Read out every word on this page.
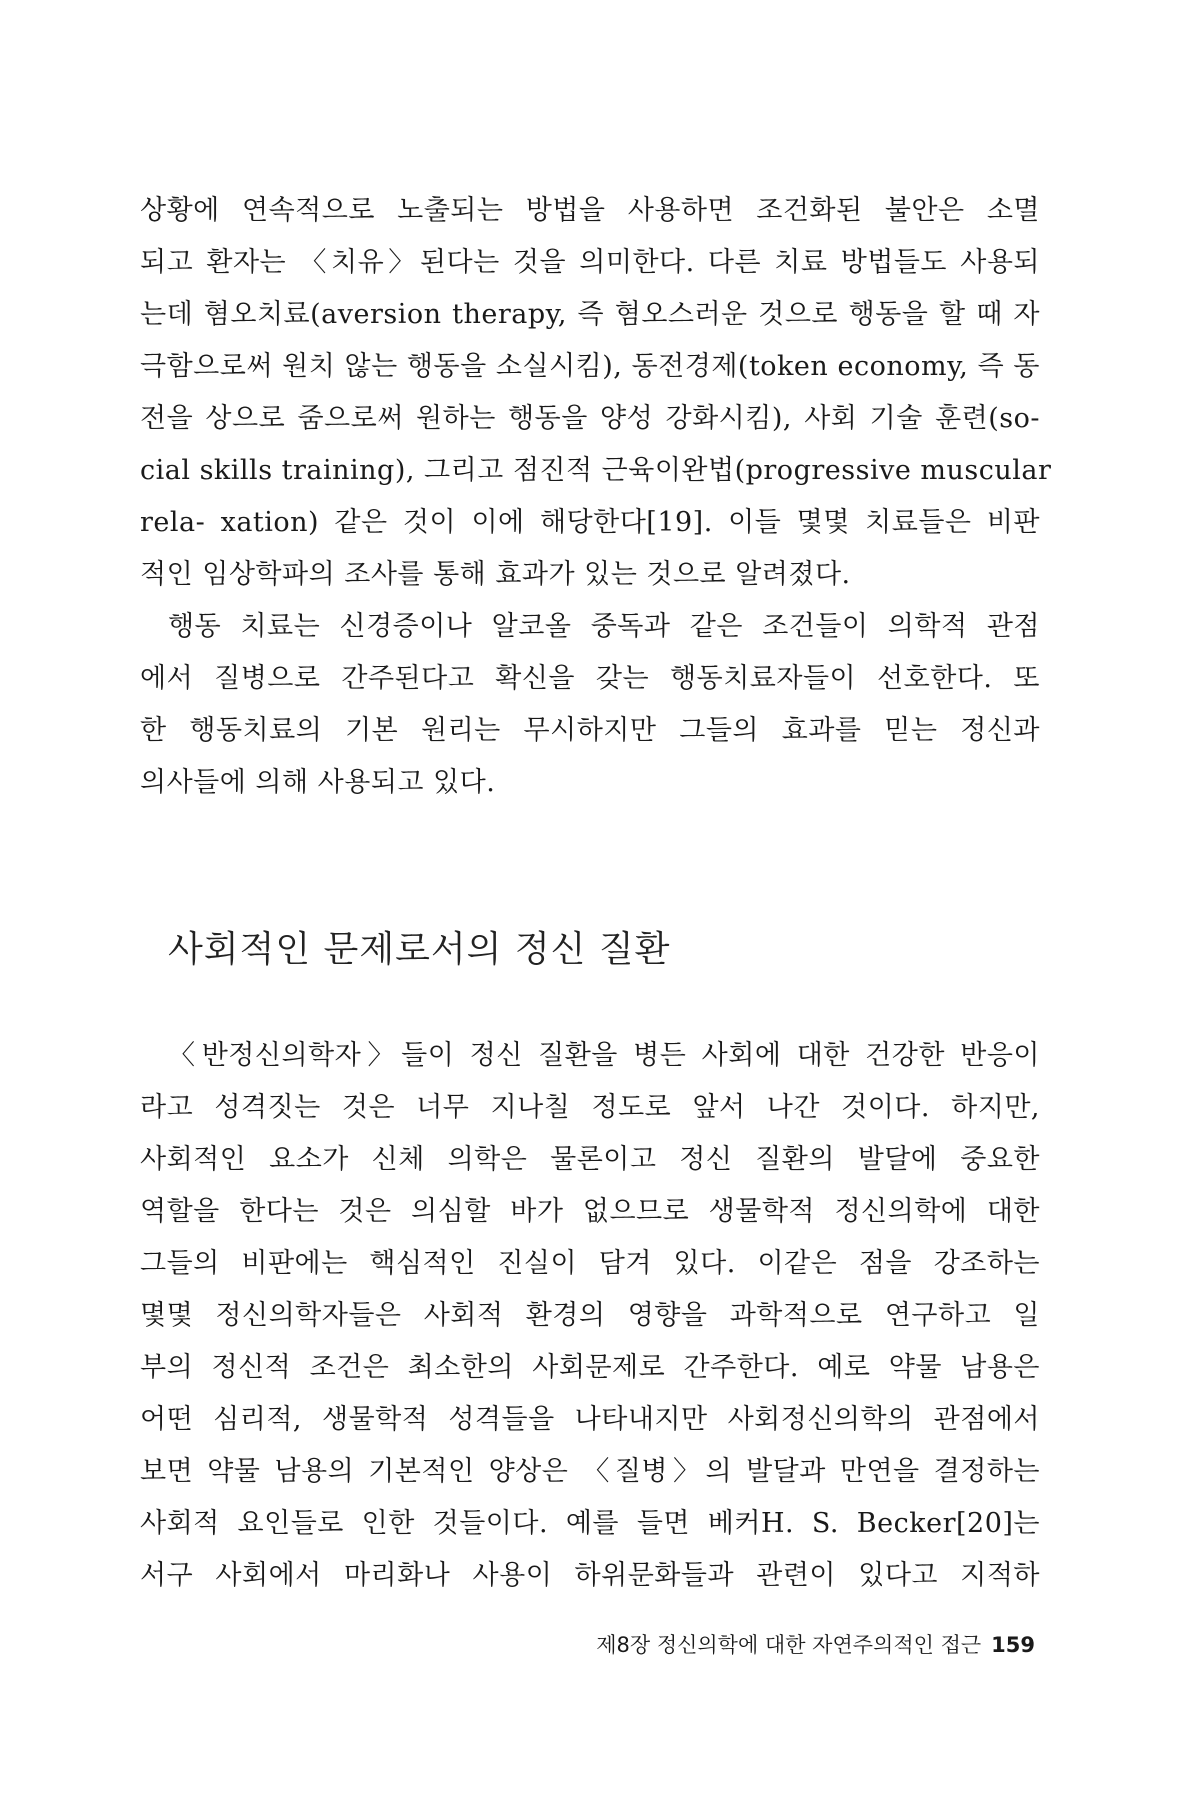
상황에 연속적으로 노출되는 방법을 사용하면 조건화된 불안은 소멸
되고 환자는 〈치유〉된다는 것을 의미한다. 다른 치료 방법들도 사용되
는데 혐오치료(aversion therapy, 즉 혐오스러운 것으로 행동을 할 때 자
극함으로써 원치 않는 행동을 소실시킴), 동전경제(token economy, 즉 동
전을 상으로 줌으로써 원하는 행동을 양성 강화시킴), 사회 기술 훈련(so-
cial skills training), 그리고 점진적 근육이완법(progressive muscular
rela- xation) 같은 것이 이에 해당한다[19]. 이들 몇몇 치료들은 비판
적인 임상학파의 조사를 통해 효과가 있는 것으로 알려졌다.
행동 치료는 신경증이나 알코올 중독과 같은 조건들이 의학적 관점
에서 질병으로 간주된다고 확신을 갖는 행동치료자들이 선호한다. 또
한 행동치료의 기본 원리는 무시하지만 그들의 효과를 믿는 정신과
의사들에 의해 사용되고 있다.
사회적인 문제로서의 정신 질환
〈반정신의학자〉들이 정신 질환을 병든 사회에 대한 건강한 반응이
라고 성격짓는 것은 너무 지나칠 정도로 앞서 나간 것이다. 하지만,
사회적인 요소가 신체 의학은 물론이고 정신 질환의 발달에 중요한
역할을 한다는 것은 의심할 바가 없으므로 생물학적 정신의학에 대한
그들의 비판에는 핵심적인 진실이 담겨 있다. 이같은 점을 강조하는
몇몇 정신의학자들은 사회적 환경의 영향을 과학적으로 연구하고 일
부의 정신적 조건은 최소한의 사회문제로 간주한다. 예로 약물 남용은
어떤 심리적, 생물학적 성격들을 나타내지만 사회정신의학의 관점에서
보면 약물 남용의 기본적인 양상은 〈질병〉의 발달과 만연을 결정하는
사회적 요인들로 인한 것들이다. 예를 들면 베커H. S. Becker[20]는
서구 사회에서 마리화나 사용이 하위문화들과 관련이 있다고 지적하
제8장 정신의학에 대한 자연주의적인 접근 159
